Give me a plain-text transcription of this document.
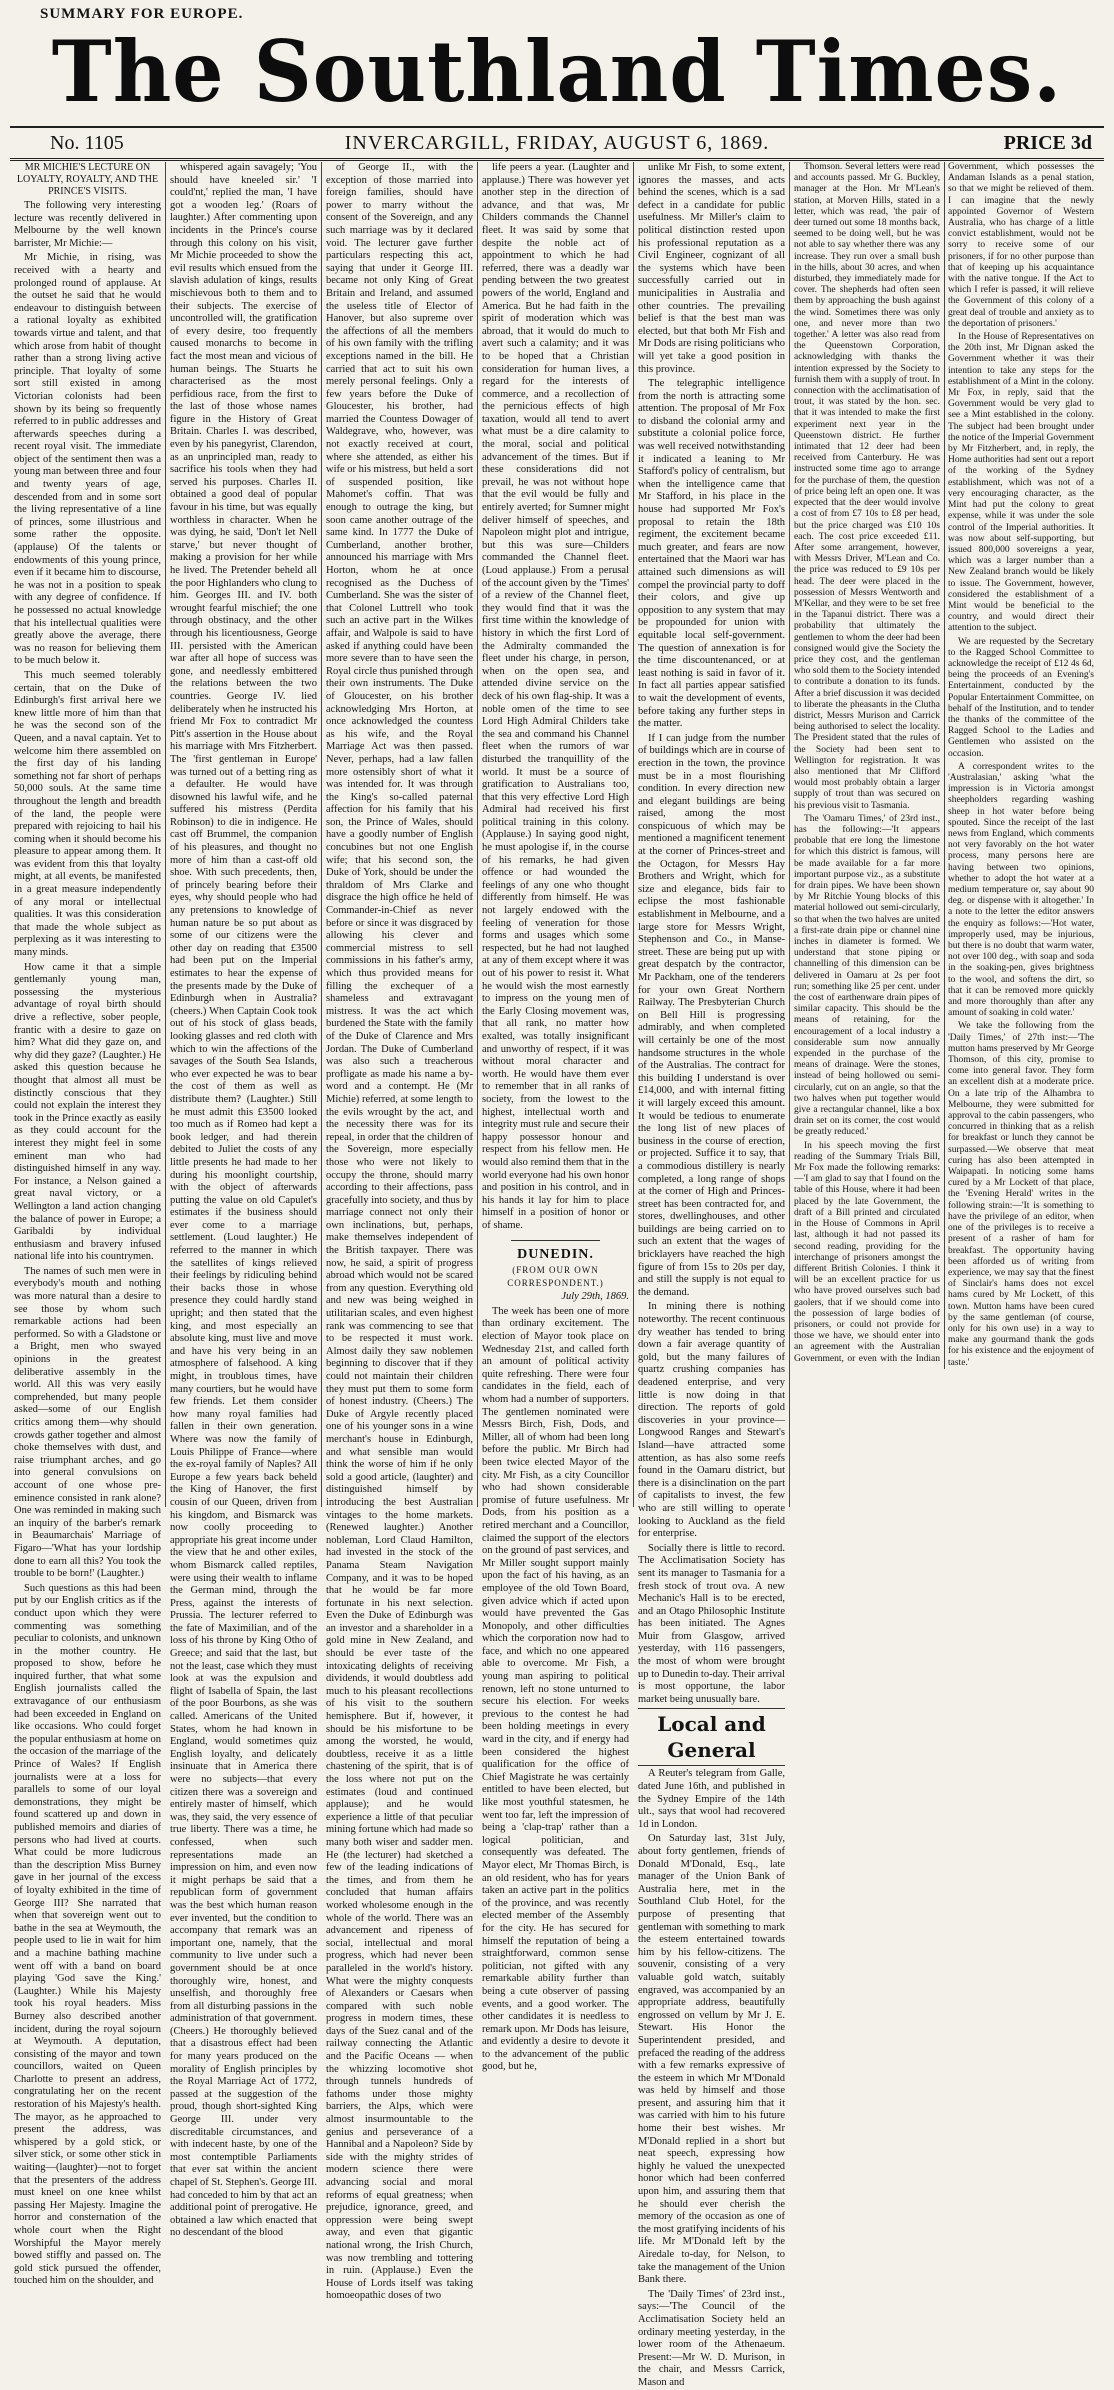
SUMMARY FOR EUROPE.
The Southland Times.
No. 1105	INVERCARGILL, FRIDAY, AUGUST 6, 1869.	PRICE 3d

MR MICHIE'S LECTURE ON LOYALTY, ROYALTY, AND THE PRINCE'S VISITS.

The following very interesting lecture was recently delivered in Melbourne by the well known barrister, Mr Michie:—

Mr Michie, in rising, was received with a hearty and prolonged round of applause. At the outset he said that he would endeavour to distinguish between a rational loyalty as exhibited towards virtue and talent, and that which arose from habit of thought rather than a strong living active principle. That loyalty of some sort still existed in among Victorian colonists had been shown by its being so frequently referred to in public addresses and afterwards speeches during a recent royal visit. The immediate object of the sentiment then was a young man between three and four and twenty years of age, descended from and in some sort the living representative of a line of princes, some illustrious and some rather the opposite. (applause) Of the talents or endowments of this young prince, even if it became him to discourse, he was not in a position to speak with any degree of confidence. If he possessed no actual knowledge that his intellectual qualities were greatly above the average, there was no reason for believing them to be much below it.

This much seemed tolerably certain, that on the Duke of Edinburgh's first arrival here we knew little more of him than that he was the second son of the Queen, and a naval captain. Yet to welcome him there assembled on the first day of his landing something not far short of perhaps 50,000 souls. At the same time throughout the length and breadth of the land, the people were prepared with rejoicing to hail his coming when it should become his pleasure to appear among them. It was evident from this that loyalty might, at all events, be manifested in a great measure independently of any moral or intellectual qualities. It was this consideration that made the whole subject as perplexing as it was interesting to many minds.

How came it that a simple gentlemanly young man, possessing the mysterious advantage of royal birth should drive a reflective, sober people, frantic with a desire to gaze on him? What did they gaze on, and why did they gaze? (Laughter.) He asked this question because he thought that almost all must be distinctly conscious that they could not explain the interest they took in the Prince exactly as easily as they could account for the interest they might feel in some eminent man who had distinguished himself in any way. For instance, a Nelson gained a great naval victory, or a Wellington a land action changing the balance of power in Europe; a Garibaldi by individual enthusiasm and bravery infused national life into his countrymen.

The names of such men were in everybody's mouth and nothing was more natural than a desire to see those by whom such remarkable actions had been performed. So with a Gladstone or a Bright, men who swayed opinions in the greatest deliberative assembly in the world. All this was very easily comprehended, but many people asked—some of our English critics among them—why should crowds gather together and almost choke themselves with dust, and raise triumphant arches, and go into general convulsions on account of one whose pre-eminence consisted in rank alone? One was reminded in making such an inquiry of the barber's remark in Beaumarchais' Marriage of Figaro—'What has your lordship done to earn all this? You took the trouble to be born!' (Laughter.)

Such questions as this had been put by our English critics as if the conduct upon which they were commenting was something peculiar to colonists, and unknown in the mother country. He proposed to show, before he inquired further, that what some English journalists called the extravagance of our enthusiasm had been exceeded in England on like occasions. Who could forget the popular enthusiasm at home on the occasion of the marriage of the Prince of Wales? If English journalists were at a loss for parallels to some of our loyal demonstrations, they might be found scattered up and down in published memoirs and diaries of persons who had lived at courts. What could be more ludicrous than the description Miss Burney gave in her journal of the excess of loyalty exhibited in the time of George III? She narrated that when that sovereign went out to bathe in the sea at Weymouth, the people used to lie in wait for him and a machine bathing machine went off with a band on board playing 'God save the King.' (Laughter.) While his Majesty took his royal headers. Miss Burney also described another incident, during the royal sojourn at Weymouth. A deputation, consisting of the mayor and town councillors, waited on Queen Charlotte to present an address, congratulating her on the recent restoration of his Majesty's health. The mayor, as he approached to present the address, was whispered by a gold stick, or silver stick, or some other stick in waiting—(laughter)—not to forget that the presenters of the address must kneel on one knee whilst passing Her Majesty. Imagine the horror and consternation of the whole court when the Right Worshipful the Mayor merely bowed stiffly and passed on. The gold stick pursued the offender, touched him on the shoulder, and

whispered again savagely; 'You should have kneeled sir.' 'I could'nt,' replied the man, 'I have got a wooden leg.' (Roars of laughter.) After commenting upon incidents in the Prince's course through this colony on his visit, Mr Michie proceeded to show the evil results which ensued from the slavish adulation of kings, results mischievous both to them and to their subjects. The exercise of uncontrolled will, the gratification of every desire, too frequently caused monarchs to become in fact the most mean and vicious of human beings. The Stuarts he characterised as the most perfidious race, from the first to the last of those whose names figure in the History of Great Britain. Charles I. was described, even by his panegyrist, Clarendon, as an unprincipled man, ready to sacrifice his tools when they had served his purposes. Charles II. obtained a good deal of popular favour in his time, but was equally worthless in character. When he was dying, he said, 'Don't let Nell starve,' but never thought of making a provision for her while he lived. The Pretender beheld all the poor Highlanders who clung to him. Georges III. and IV. both wrought fearful mischief; the one through obstinacy, and the other through his licentiousness, George III. persisted with the American war after all hope of success was gone, and needlessly embittered the relations between the two countries. George IV. lied deliberately when he instructed his friend Mr Fox to contradict Mr Pitt's assertion in the House about his marriage with Mrs Fitzherbert. The 'first gentleman in Europe' was turned out of a betting ring as a defaulter. He would have disowned his lawful wife, and he suffered his mistress (Perdita Robinson) to die in indigence. He cast off Brummel, the companion of his pleasures, and thought no more of him than a cast-off old shoe. With such precedents, then, of princely bearing before their eyes, why should people who had any pretensions to knowledge of human nature be so put about as some of our citizens were the other day on reading that £3500 had been put on the Imperial estimates to hear the expense of the presents made by the Duke of Edinburgh when in Australia? (cheers.) When Captain Cook took out of his stock of glass beads, looking glasses and red cloth with which to win the affections of the savages of the South Sea Islands, who ever expected he was to bear the cost of them as well as distribute them? (Laughter.) Still he must admit this £3500 looked too much as if Romeo had kept a book ledger, and had therein debited to Juliet the costs of any little presents he had made to her during his moonlight courtship, with the object of afterwards putting the value on old Capulet's estimates if the business should ever come to a marriage settlement. (Loud laughter.) He referred to the manner in which the satellites of kings relieved their feelings by ridiculing behind their backs those in whose presence they could hardly stand upright; and then stated that the king, and most especially an absolute king, must live and move and have his very being in an atmosphere of falsehood. A king might, in troublous times, have many courtiers, but he would have few friends. Let them consider how many royal families had fallen in their own generation. Where was now the family of Louis Philippe of France—where the ex-royal family of Naples? All Europe a few years back beheld the King of Hanover, the first cousin of our Queen, driven from his kingdom, and Bismarck was now coolly proceeding to appropriate his great income under the view that he and other exiles, whom Bismarck called reptiles, were using their wealth to inflame the German mind, through the Press, against the interests of Prussia. The lecturer referred to the fate of Maximilian, and of the loss of his throne by King Otho of Greece; and said that the last, but not the least, case which they must look at was the expulsion and flight of Isabella of Spain, the last of the poor Bourbons, as she was called. Americans of the United States, whom he had known in England, would sometimes quiz English loyalty, and delicately insinuate that in America there were no subjects—that every citizen there was a sovereign and entirely master of himself, which was, they said, the very essence of true liberty. There was a time, he confessed, when such representations made an impression on him, and even now it might perhaps be said that a republican form of government was the best which human reason ever invented, but the condition to accompany that remark was an important one, namely, that the community to live under such a government should be at once thoroughly wire, honest, and unselfish, and thoroughly free from all disturbing passions in the administration of that government. (Cheers.) He thoroughly believed that a disastrous effect had been for many years produced on the morality of English principles by the Royal Marriage Act of 1772, passed at the suggestion of the proud, though short-sighted King George III. under very discreditable circumstances, and with indecent haste, by one of the most contemptible Parliaments that ever sat within the ancient chapel of St. Stephen's. George III. had conceded to him by that act an additional point of prerogative. He obtained a law which enacted that no descendant of the blood

of George II., with the exception of those married into foreign families, should have power to marry without the consent of the Sovereign, and any such marriage was by it declared void. The lecturer gave further particulars respecting this act, saying that under it George III. became not only King of Great Britain and Ireland, and assumed the useless title of Elector of Hanover, but also supreme over the affections of all the members of his own family with the trifling exceptions named in the bill. He carried that act to suit his own merely personal feelings. Only a few years before the Duke of Gloucester, his brother, had married the Countess Dowager of Waldegrave, who, however, was not exactly received at court, where she attended, as either his wife or his mistress, but held a sort of suspended position, like Mahomet's coffin. That was enough to outrage the king, but soon came another outrage of the same kind. In 1777 the Duke of Cumberland, another brother, announced his marriage with Mrs Horton, whom he at once recognised as the Duchess of Cumberland. She was the sister of that Colonel Luttrell who took such an active part in the Wilkes affair, and Walpole is said to have asked if anything could have been more severe than to have seen the Royal circle thus punished through their own instruments. The Duke of Gloucester, on his brother acknowledging Mrs Horton, at once acknowledged the countess as his wife, and the Royal Marriage Act was then passed. Never, perhaps, had a law fallen more ostensibly short of what it was intended for. It was through the King's so-called paternal affection for his family that his son, the Prince of Wales, should have a goodly number of English concubines but not one English wife; that his second son, the Duke of York, should be under the thraldom of Mrs Clarke and disgrace the high office he held of Commander-in-Chief as never before or since it was disgraced by allowing his clever and commercial mistress to sell commissions in his father's army, which thus provided means for filling the exchequer of a shameless and extravagant mistress. It was the act which burdened the State with the family of the Duke of Clarence and Mrs Jordan. The Duke of Cumberland was also such a treacherous profligate as made his name a by-word and a contempt. He (Mr Michie) referred, at some length to the evils wrought by the act, and the necessity there was for its repeal, in order that the children of the Sovereign, more especially those who were not likely to occupy the throne, should marry according to their affections, pass gracefully into society, and thus by marriage connect not only their own inclinations, but, perhaps, make themselves independent of the British taxpayer. There was now, he said, a spirit of progress abroad which would not be scared from any question. Everything old and new was being weighed in utilitarian scales, and even highest rank was commencing to see that to be respected it must work. Almost daily they saw noblemen beginning to discover that if they could not maintain their children they must put them to some form of honest industry. (Cheers.) The Duke of Argyle recently placed one of his younger sons in a wine merchant's house in Edinburgh, and what sensible man would think the worse of him if he only sold a good article, (laughter) and distinguished himself by introducing the best Australian vintages to the home markets. (Renewed laughter.) Another nobleman, Lord Claud Hamilton, had invested in the stock of the Panama Steam Navigation Company, and it was to be hoped that he would be far more fortunate in his next selection. Even the Duke of Edinburgh was an investor and a shareholder in a gold mine in New Zealand, and should be ever taste of the intoxicating delights of receiving dividends, it would doubtless add much to his pleasant recollections of his visit to the southern hemisphere. But if, however, it should be his misfortune to be among the worsted, he would, doubtless, receive it as a little chastening of the spirit, that is of the loss where not put on the estimates (loud and continued applause); and he would experience a little of that peculiar mining fortune which had made so many both wiser and sadder men. He (the lecturer) had sketched a few of the leading indications of the times, and from them he concluded that human affairs worked wholesome enough in the whole of the world. There was an advancement and ripeness of social, intellectual and moral progress, which had never been paralleled in the world's history. What were the mighty conquests of Alexanders or Caesars when compared with such noble progress in modern times, these days of the Suez canal and of the railway connecting the Atlantic and the Pacific Oceans — when the whizzing locomotive shot through tunnels hundreds of fathoms under those mighty barriers, the Alps, which were almost insurmountable to the genius and perseverance of a Hannibal and a Napoleon? Side by side with the mighty strides of modern science there were advancing social and moral reforms of equal greatness; when prejudice, ignorance, greed, and oppression were being swept away, and even that gigantic national wrong, the Irish Church, was now trembling and tottering in ruin. (Applause.) Even the House of Lords itself was taking homoeopathic doses of two

life peers a year. (Laughter and applause.) There was however yet another step in the direction of advance, and that was, Mr Childers commands the Channel fleet. It was said by some that despite the noble act of appointment to which he had referred, there was a deadly war pending between the two greatest powers of the world, England and America. But he had faith in the spirit of moderation which was abroad, that it would do much to avert such a calamity; and it was to be hoped that a Christian consideration for human lives, a regard for the interests of commerce, and a recollection of the pernicious effects of high taxation, would all tend to avert what must be a dire calamity to the moral, social and political advancement of the times. But if these considerations did not prevail, he was not without hope that the evil would be fully and entirely averted; for Sumner might deliver himself of speeches, and Napoleon might plot and intrigue, but this was sure—Childers commanded the Channel fleet. (Loud applause.) From a perusal of the account given by the 'Times' of a review of the Channel fleet, they would find that it was the first time within the knowledge of history in which the first Lord of the Admiralty commanded the fleet under his charge, in person, when on the open sea, and attended divine service on the deck of his own flag-ship. It was a noble omen of the time to see Lord High Admiral Childers take the sea and command his Channel fleet when the rumors of war disturbed the tranquillity of the world. It must be a source of gratification to Australians too, that this very effective Lord High Admiral had received his first political training in this colony. (Applause.) In saying good night, he must apologise if, in the course of his remarks, he had given offence or had wounded the feelings of any one who thought differently from himself. He was not largely endowed with the feeling of veneration for those forms and usages which some respected, but he had not laughed at any of them except where it was out of his power to resist it. What he would wish the most earnestly to impress on the young men of the Early Closing movement was, that all rank, no matter how exalted, was totally insignificant and unworthy of respect, if it was without moral character and worth. He would have them ever to remember that in all ranks of society, from the lowest to the highest, intellectual worth and integrity must rule and secure their happy possessor honour and respect from his fellow men. He would also remind them that in the world everyone had his own honor and position in his control, and in his hands it lay for him to place himself in a position of honor or of shame.

DUNEDIN.

(FROM OUR OWN CORRESPONDENT.)

July 29th, 1869.

The week has been one of more than ordinary excitement. The election of Mayor took place on Wednesday 21st, and called forth an amount of political activity quite refreshing. There were four candidates in the field, each of whom had a number of supporters. The gentlemen nominated were Messrs Birch, Fish, Dods, and Miller, all of whom had been long before the public. Mr Birch had been twice elected Mayor of the city. Mr Fish, as a city Councillor who had shown considerable promise of future usefulness. Mr Dods, from his position as a retired merchant and a Councillor, claimed the support of the electors on the ground of past services, and Mr Miller sought support mainly upon the fact of his having, as an employee of the old Town Board, given advice which if acted upon would have prevented the Gas Monopoly, and other difficulties which the corporation now had to face, and which no one appeared able to overcome. Mr Fish, a young man aspiring to political renown, left no stone unturned to secure his election. For weeks previous to the contest he had been holding meetings in every ward in the city, and if energy had been considered the highest qualification for the office of Chief Magistrate he was certainly entitled to have been elected, but like most youthful statesmen, he went too far, left the impression of being a 'clap-trap' rather than a logical politician, and consequently was defeated. The Mayor elect, Mr Thomas Birch, is an old resident, who has for years taken an active part in the politics of the province, and was recently elected member of the Assembly for the city. He has secured for himself the reputation of being a straightforward, common sense politician, not gifted with any remarkable ability further than being a cute observer of passing events, and a good worker. The other candidates it is needless to remark upon. Mr Dods has leisure, and evidently a desire to devote it to the advancement of the public good, but he,

unlike Mr Fish, to some extent, ignores the masses, and acts behind the scenes, which is a sad defect in a candidate for public usefulness. Mr Miller's claim to political distinction rested upon his professional reputation as a Civil Engineer, cognizant of all the systems which have been successfully carried out in municipalities in Australia and other countries. The prevailing belief is that the best man was elected, but that both Mr Fish and Mr Dods are rising politicians who will yet take a good position in this province.

The telegraphic intelligence from the north is attracting some attention. The proposal of Mr Fox to disband the colonial army and substitute a colonial police force, was well received notwithstanding it indicated a leaning to Mr Stafford's policy of centralism, but when the intelligence came that Mr Stafford, in his place in the house had supported Mr Fox's proposal to retain the 18th regiment, the excitement became much greater, and fears are now entertained that the Maori war has attained such dimensions as will compel the provincial party to doff their colors, and give up opposition to any system that may be propounded for union with equitable local self-government. The question of annexation is for the time discountenanced, or at least nothing is said in favor of it. In fact all parties appear satisfied to wait the development of events, before taking any further steps in the matter.

If I can judge from the number of buildings which are in course of erection in the town, the province must be in a most flourishing condition. In every direction new and elegant buildings are being raised, among the most conspicuous of which may be mentioned a magnificent tenement at the corner of Princes-street and the Octagon, for Messrs Hay Brothers and Wright, which for size and elegance, bids fair to eclipse the most fashionable establishment in Melbourne, and a large store for Messrs Wright, Stephenson and Co., in Manse-street. These are being put up with great despatch by the contractor, Mr Packham, one of the tenderers for your own Great Northern Railway. The Presbyterian Church on Bell Hill is progressing admirably, and when completed will certainly be one of the most handsome structures in the whole of the Australias. The contract for this building I understand is over £14,000, and with internal fitting it will largely exceed this amount. It would be tedious to enumerate the long list of new places of business in the course of erection, or projected. Suffice it to say, that a commodious distillery is nearly completed, a long range of shops at the corner of High and Princes-street has been contracted for, and stores, dwellinghouses, and other buildings are being carried on to such an extent that the wages of bricklayers have reached the high figure of from 15s to 20s per day, and still the supply is not equal to the demand.

In mining there is nothing noteworthy. The recent continuous dry weather has tended to bring down a fair average quantity of gold, but the many failures of quartz crushing companies has deadened enterprise, and very little is now doing in that direction. The reports of gold discoveries in your province—Longwood Ranges and Stewart's Island—have attracted some attention, as has also some reefs found in the Oamaru district, but there is a disinclination on the part of capitalists to invest, the few who are still willing to operate looking to Auckland as the field for enterprise.

Socially there is little to record. The Acclimatisation Society has sent its manager to Tasmania for a fresh stock of trout ova. A new Mechanic's Hall is to be erected, and an Otago Philosophic Institute has been initiated. The Agnes Muir from Glasgow, arrived yesterday, with 116 passengers, the most of whom were brought up to Dunedin to-day. Their arrival is most opportune, the labor market being unusually bare.

Local and General

A Reuter's telegram from Galle, dated June 16th, and published in the Sydney Empire of the 14th ult., says that wool had recovered 1d in London.

On Saturday last, 31st July, about forty gentlemen, friends of Donald M'Donald, Esq., late manager of the Union Bank of Australia here, met in the Southland Club Hotel, for the purpose of presenting that gentleman with something to mark the esteem entertained towards him by his fellow-citizens. The souvenir, consisting of a very valuable gold watch, suitably engraved, was accompanied by an appropriate address, beautifully engrossed on vellum by Mr J. E. Stewart. His Honor the Superintendent presided, and prefaced the reading of the address with a few remarks expressive of the esteem in which Mr M'Donald was held by himself and those present, and assuring him that it was carried with him to his future home their best wishes. Mr M'Donald replied in a short but neat speech, expressing how highly he valued the unexpected honor which had been conferred upon him, and assuring them that he should ever cherish the memory of the occasion as one of the most gratifying incidents of his life. Mr M'Donald left by the Airedale to-day, for Nelson, to take the management of the Union Bank there.

The 'Daily Times' of 23rd inst., says:—'The Council of the Acclimatisation Society held an ordinary meeting yesterday, in the lower room of the Athenaeum. Present:—Mr W. D. Murison, in the chair, and Messrs Carrick, Mason and

Thomson. Several letters were read and accounts passed. Mr G. Buckley, manager at the Hon. Mr M'Lean's station, at Morven Hills, stated in a letter, which was read, 'the pair of deer turned out some 18 months back, seemed to be doing well, but he was not able to say whether there was any increase. They run over a small bush in the hills, about 30 acres, and when disturbed, they immediately made for cover. The shepherds had often seen them by approaching the bush against the wind. Sometimes there was only one, and never more than two together.' A letter was also read from the Queenstown Corporation, acknowledging with thanks the intention expressed by the Society to furnish them with a supply of trout. In connection with the acclimatisation of trout, it was stated by the hon. sec. that it was intended to make the first experiment next year in the Queenstown district. He further intimated that 12 deer had been received from Canterbury. He was instructed some time ago to arrange for the purchase of them, the question of price being left an open one. It was expected that the deer would involve a cost of from £7 10s to £8 per head, but the price charged was £10 10s each. The cost price exceeded £11. After some arrangement, however, with Messrs Driver, M'Lean and Co. the price was reduced to £9 10s per head. The deer were placed in the possession of Messrs Wentworth and M'Kellar, and they were to be set free in the Tapanui district. There was a probability that ultimately the gentlemen to whom the deer had been consigned would give the Society the price they cost, and the gentleman who sold them to the Society intended to contribute a donation to its funds. After a brief discussion it was decided to liberate the pheasants in the Clutha district, Messrs Murison and Carrick being authorised to select the locality. The President stated that the rules of the Society had been sent to Wellington for registration. It was also mentioned that Mr Clifford would most probably obtain a larger supply of trout than was secured on his previous visit to Tasmania.

The 'Oamaru Times,' of 23rd inst., has the following:—'It appears probable that ere long the limestone for which this district is famous, will be made available for a far more important purpose viz., as a substitute for drain pipes. We have been shown by Mr Ritchie Young blocks of this material hollowed out semi-circularly, so that when the two halves are united a first-rate drain pipe or channel nine inches in diameter is formed. We understand that stone piping or channelling of this dimension can be delivered in Oamaru at 2s per foot run; something like 25 per cent. under the cost of earthenware drain pipes of similar capacity. This should be the means of retaining, for the encouragement of a local industry a considerable sum now annually expended in the purchase of the means of drainage. Were the stones, instead of being hollowed ou semi-circularly, cut on an angle, so that the two halves when put together would give a rectangular channel, like a box drain set on its corner, the cost would be greatly reduced.'

In his speech moving the first reading of the Summary Trials Bill, Mr Fox made the following remarks:—'I am glad to say that I found on the table of this House, where it had been placed by the late Government, the draft of a Bill printed and circulated in the House of Commons in April last, although it had not passed its second reading, providing for the interchange of prisoners amongst the different British Colonies. I think it will be an excellent practice for us who have proved ourselves such bad gaolers, that if we should come into the possession of large bodies of prisoners, or could not provide for those we have, we should enter into an agreement with the Australian Government, or even with the Indian Government, which possesses the Andaman Islands as a penal station, so that we might be relieved of them. I can imagine that the newly appointed Governor of Western Australia, who has charge of a little convict establishment, would not be sorry to receive some of our prisoners, if for no other purpose than that of keeping up his acquaintance with the native tongue. If the Act to which I refer is passed, it will relieve the Government of this colony of a great deal of trouble and anxiety as to the deportation of prisoners.'

In the House of Representatives on the 20th inst, Mr Dignan asked the Government whether it was their intention to take any steps for the establishment of a Mint in the colony. Mr Fox, in reply, said that the Government would be very glad to see a Mint established in the colony. The subject had been brought under the notice of the Imperial Government by Mr Fitzherbert, and, in reply, the Home authorities had sent out a report of the working of the Sydney establishment, which was not of a very encouraging character, as the Mint had put the colony to great expense, while it was under the sole control of the Imperial authorities. It was now about self-supporting, but issued 800,000 sovereigns a year, which was a larger number than a New Zealand branch would be likely to issue. The Government, however, considered the establishment of a Mint would be beneficial to the country, and would direct their attention to the subject.

We are requested by the Secretary to the Ragged School Committee to acknowledge the receipt of £12 4s 6d, being the proceeds of an Evening's Entertainment, conducted by the Popular Entertainment Committee, on behalf of the Institution, and to tender the thanks of the committee of the Ragged School to the Ladies and Gentlemen who assisted on the occasion.

A correspondent writes to the 'Australasian,' asking 'what the impression is in Victoria amongst sheepholders regarding washing sheep in hot water before being spouted. Since the receipt of the last news from England, which comments not very favorably on the hot water process, many persons here are having between two opinions, whether to adopt the hot water at a medium temperature or, say about 90 deg. or dispense with it altogether.' In a note to the letter the editor answers the enquiry as follows:—'Hot water, improperly used, may be injurious, but there is no doubt that warm water, not over 100 deg., with soap and soda in the soaking-pen, gives brightness to the wool, and softens the dirt, so that it can be removed more quickly and more thoroughly than after any amount of soaking in cold water.'

We take the following from the 'Daily Times,' of 27th inst:—'The mutton hams preserved by Mr George Thomson, of this city, promise to come into general favor. They form an excellent dish at a moderate price. On a late trip of the Alhambra to Melbourne, they were submitted for approval to the cabin passengers, who concurred in thinking that as a relish for breakfast or lunch they cannot be surpassed.—We observe that meat curing has also been attempted in Waipapati. In noticing some hams cured by a Mr Lockett of that place, the 'Evening Herald' writes in the following strain:—'It is something to have the privilege of an editor, when one of the privileges is to receive a present of a rasher of ham for breakfast. The opportunity having been afforded us of writing from experience, we may say that the finest of Sinclair's hams does not excel hams cured by Mr Lockett, of this town. Mutton hams have been cured by the same gentleman (of course, only for his own use) in a way to make any gourmand thank the gods for his existence and the enjoyment of taste.'
